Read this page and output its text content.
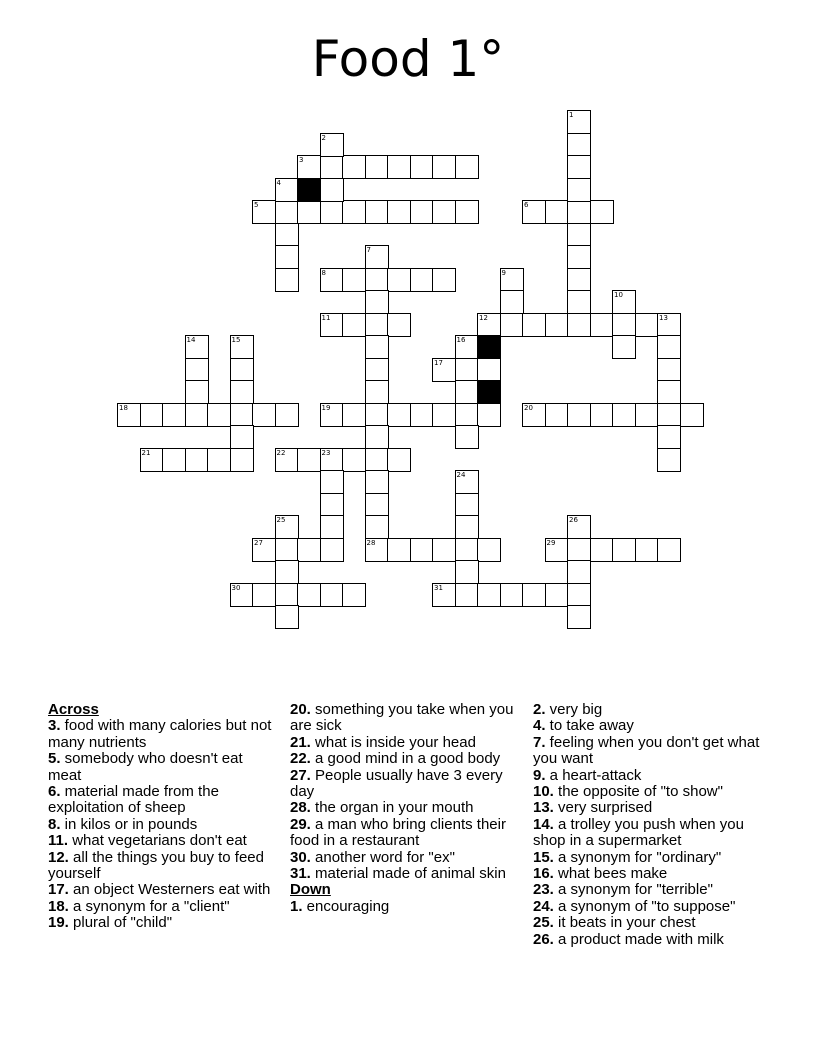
Food 1°
1
2
3
4
5	6
7
8	9
10
11	12	13
14	15	16
17
18	19	20
21	22	23
24
25	26
27	28	29
30	31

Across

3. food with many calories but not many nutrients

5. somebody who doesn't eat meat

6. material made from the exploitation of sheep

8. in kilos or in pounds

11. what vegetarians don't eat

12. all the things you buy to feed yourself

17. an object Westerners eat with

18. a synonym for a "client"

19. plural of "child"

20. something you take when you are sick

21. what is inside your head

22. a good mind in a good body

27. People usually have 3 every day

28. the organ in your mouth

29. a man who bring clients their food in a restaurant

30. another word for "ex"

31. material made of animal skin

Down

1. encouraging

2. very big

4. to take away

7. feeling when you don't get what you want

9. a heart-attack

10. the opposite of "to show"

13. very surprised

14. a trolley you push when you shop in a supermarket

15. a synonym for "ordinary"

16. what bees make

23. a synonym for "terrible"

24. a synonym of "to suppose"

25. it beats in your chest

26. a product made with milk
